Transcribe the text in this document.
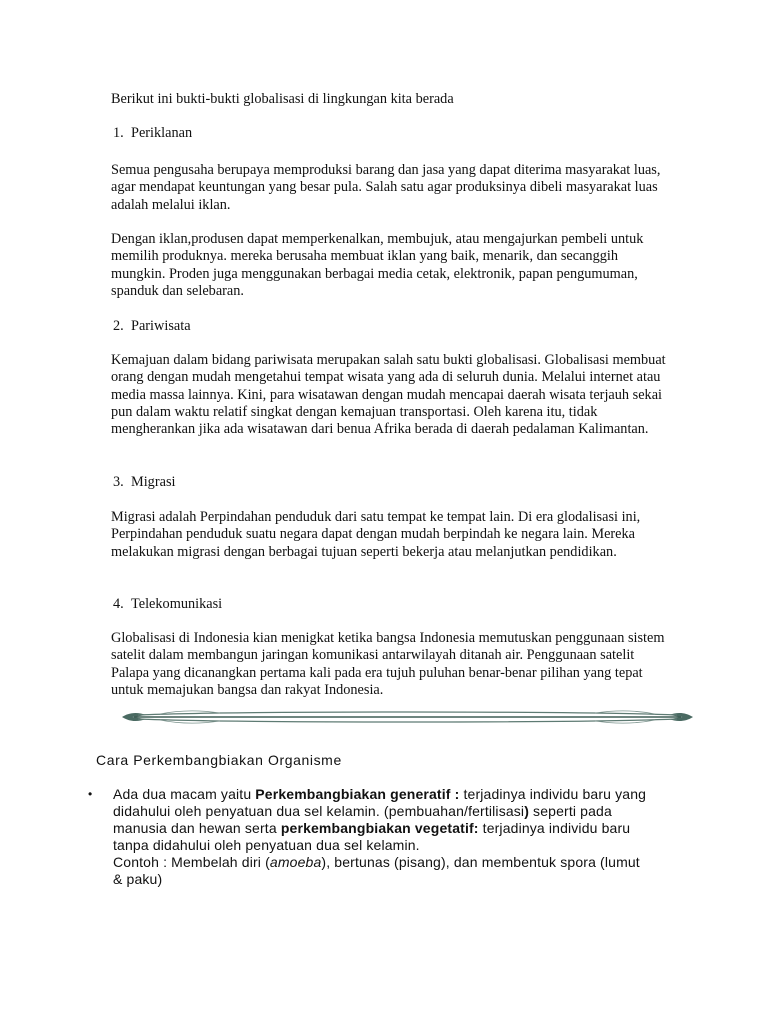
Berikut ini bukti-bukti globalisasi di lingkungan kita berada
1. Periklanan

Semua pengusaha berupaya memproduksi barang dan jasa yang dapat diterima masyarakat luas, agar mendapat keuntungan yang besar pula. Salah satu agar produksinya dibeli masyarakat luas adalah melalui iklan.

Dengan iklan,produsen dapat memperkenalkan, membujuk, atau mengajurkan pembeli untuk memilih produknya. mereka berusaha membuat iklan yang baik, menarik, dan secanggih mungkin. Proden juga menggunakan berbagai media cetak, elektronik, papan pengumuman, spanduk dan selebaran.

2. Pariwisata

Kemajuan dalam bidang pariwisata merupakan salah satu bukti globalisasi. Globalisasi membuat orang dengan mudah mengetahui tempat wisata yang ada di seluruh dunia. Melalui internet atau media massa lainnya. Kini, para wisatawan dengan mudah mencapai daerah wisata terjauh sekai pun dalam waktu relatif singkat dengan kemajuan transportasi. Oleh karena itu, tidak mengherankan jika ada wisatawan dari benua Afrika berada di daerah pedalaman Kalimantan.

3. Migrasi

Migrasi adalah Perpindahan penduduk dari satu tempat ke tempat lain. Di era glodalisasi ini, Perpindahan penduduk suatu negara dapat dengan mudah berpindah ke negara lain. Mereka melakukan migrasi dengan berbagai tujuan seperti bekerja atau melanjutkan pendidikan.

4. Telekomunikasi

Globalisasi di Indonesia kian menigkat ketika bangsa Indonesia memutuskan penggunaan sistem satelit dalam membangun jaringan komunikasi antarwilayah ditanah air. Penggunaan satelit Palapa yang dicanangkan pertama kali pada era tujuh puluhan benar-benar pilihan yang tepat untuk memajukan bangsa dan rakyat Indonesia.

Cara Perkembangbiakan Organisme
•	Ada dua macam yaitu Perkembangbiakan generatif : terjadinya individu baru yang didahului oleh penyatuan dua sel kelamin. (pembuahan/fertilisasi) seperti pada manusia dan hewan serta perkembangbiakan vegetatif: terjadinya individu baru tanpa didahului oleh penyatuan dua sel kelamin.
Contoh : Membelah diri (amoeba), bertunas (pisang), dan membentuk spora (lumut & paku)
